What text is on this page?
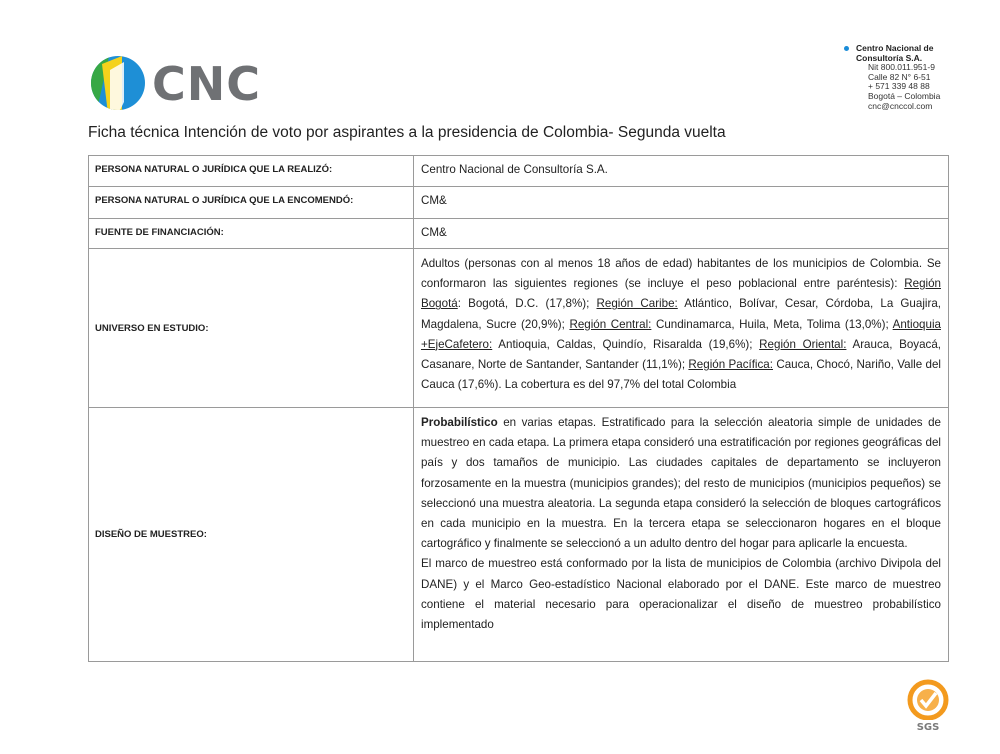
CNC
Centro Nacional de
Consultoría S.A.
Nit 800.011.951-9
Calle 82 N° 6-51
+ 571 339 48 88
Bogotá – Colombia
cnc@cnccol.com
Ficha técnica Intención de voto por aspirantes a la presidencia de Colombia- Segunda vuelta
PERSONA NATURAL O JURÍDICA QUE LA REALIZÓ:	Centro Nacional de Consultoría S.A.
PERSONA NATURAL O JURÍDICA QUE LA ENCOMENDÓ:	CM&
FUENTE DE FINANCIACIÓN:	CM&
UNIVERSO EN ESTUDIO:	Adultos (personas con al menos 18 años de edad) habitantes de los municipios de Colombia. Se conformaron las siguientes regiones (se incluye el peso poblacional entre paréntesis): Región Bogotá: Bogotá, D.C. (17,8%); Región Caribe: Atlántico, Bolívar, Cesar, Córdoba, La Guajira, Magdalena, Sucre (20,9%); Región Central: Cundinamarca, Huila, Meta, Tolima (13,0%); Antioquia +EjeCafetero: Antioquia, Caldas, Quindío, Risaralda (19,6%); Región Oriental: Arauca, Boyacá, Casanare, Norte de Santander, Santander (11,1%); Región Pacífica: Cauca, Chocó, Nariño, Valle del Cauca (17,6%). La cobertura es del 97,7% del total Colombia
DISEÑO DE MUESTREO:	Probabilístico en varias etapas. Estratificado para la selección aleatoria simple de unidades de muestreo en cada etapa. La primera etapa consideró una estratificación por regiones geográficas del país y dos tamaños de municipio. Las ciudades capitales de departamento se incluyeron forzosamente en la muestra (municipios grandes); del resto de municipios (municipios pequeños) se seleccionó una muestra aleatoria. La segunda etapa consideró la selección de bloques cartográficos en cada municipio en la muestra. En la tercera etapa se seleccionaron hogares en el bloque cartográfico y finalmente se seleccionó a un adulto dentro del hogar para aplicarle la encuesta.
El marco de muestreo está conformado por la lista de municipios de Colombia (archivo Divipola del DANE) y el Marco Geo-estadístico Nacional elaborado por el DANE. Este marco de muestreo contiene el material necesario para operacionalizar el diseño de muestreo probabilístico implementado
SGS
